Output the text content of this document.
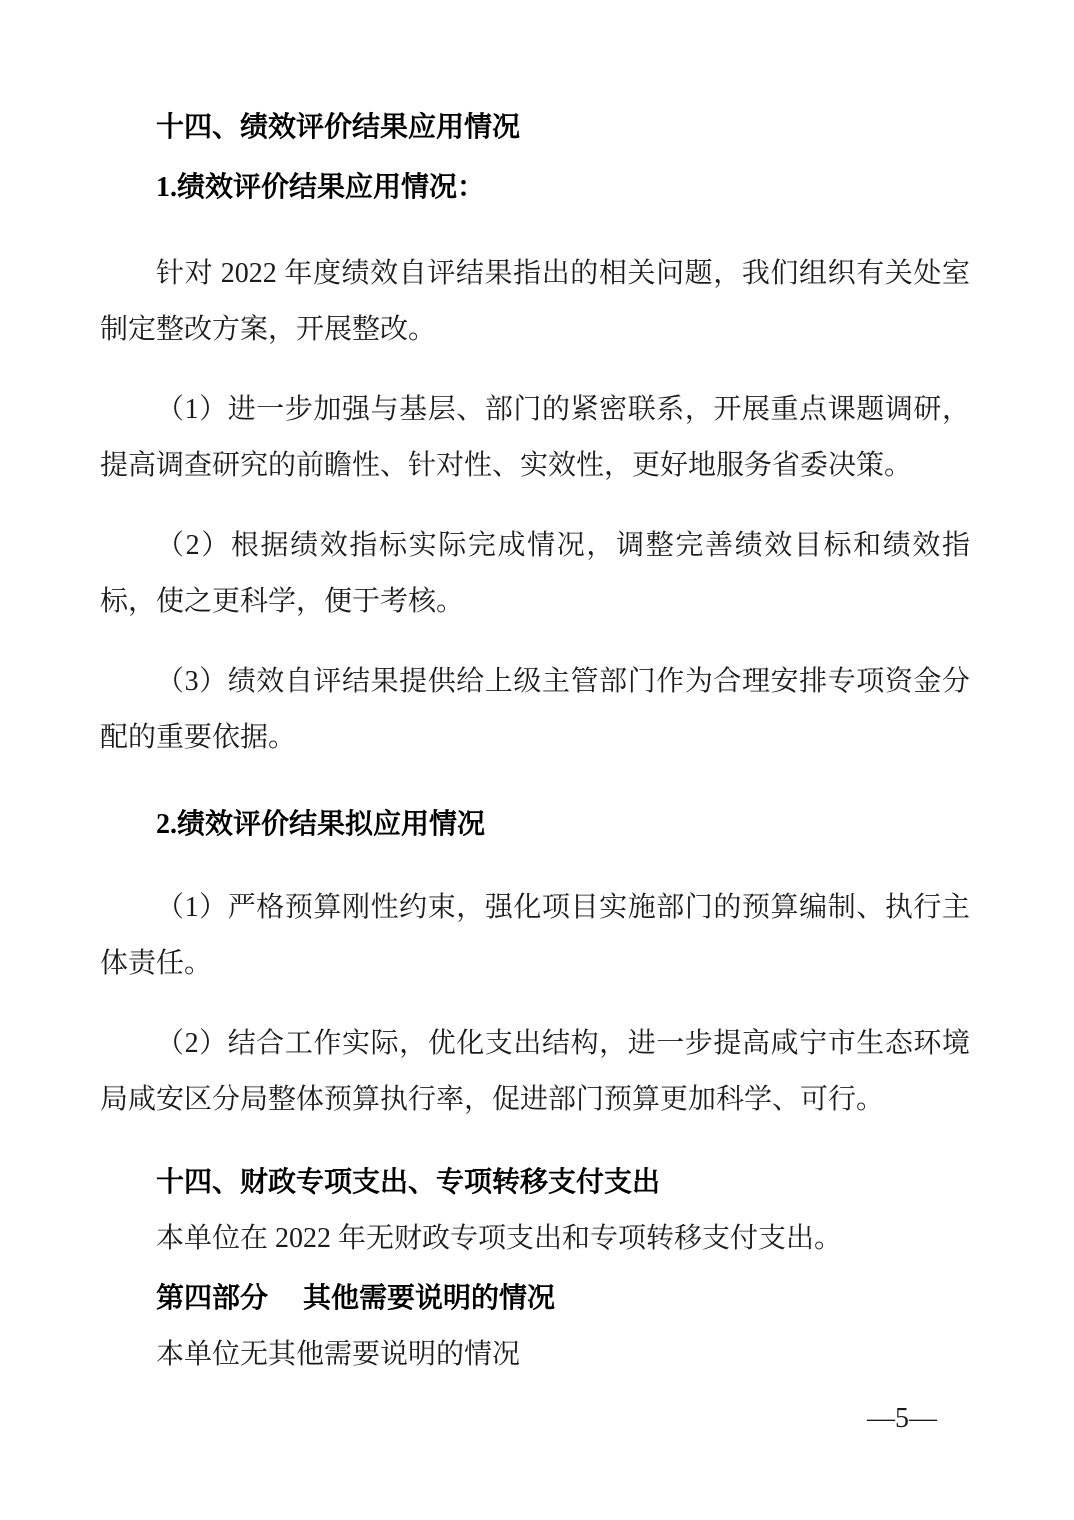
十四、绩效评价结果应用情况
1.绩效评价结果应用情况：

针对 2022 年度绩效自评结果指出的相关问题，我们组织有关处室制定整改方案，开展整改。

（1）进一步加强与基层、部门的紧密联系，开展重点课题调研，提高调查研究的前瞻性、针对性、实效性，更好地服务省委决策。

（2）根据绩效指标实际完成情况，调整完善绩效目标和绩效指标，使之更科学，便于考核。

（3）绩效自评结果提供给上级主管部门作为合理安排专项资金分配的重要依据。

2.绩效评价结果拟应用情况

（1）严格预算刚性约束，强化项目实施部门的预算编制、执行主体责任。

（2）结合工作实际，优化支出结构，进一步提高咸宁市生态环境局咸安区分局整体预算执行率，促进部门预算更加科学、可行。

十四、财政专项支出、专项转移支付支出

本单位在 2022 年无财政专项支出和专项转移支付支出。

第四部分　 其他需要说明的情况

本单位无其他需要说明的情况

—5—
